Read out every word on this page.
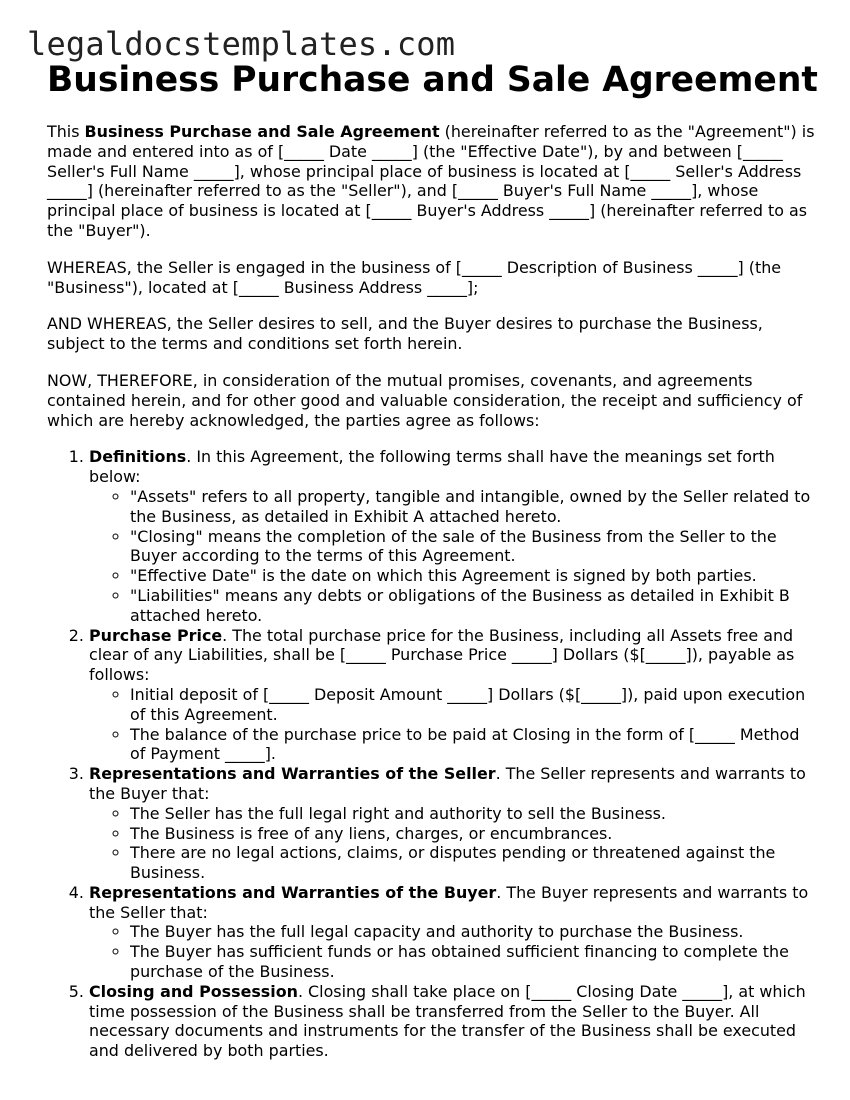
legaldocstemplates.com
Business Purchase and Sale Agreement

This Business Purchase and Sale Agreement (hereinafter referred to as the "Agreement") is made and entered into as of [_____ Date _____] (the "Effective Date"), by and between [_____ Seller's Full Name _____], whose principal place of business is located at [_____ Seller's Address _____] (hereinafter referred to as the "Seller"), and [_____ Buyer's Full Name _____], whose principal place of business is located at [_____ Buyer's Address _____] (hereinafter referred to as the "Buyer").

WHEREAS, the Seller is engaged in the business of [_____ Description of Business _____] (the "Business"), located at [_____ Business Address _____];

AND WHEREAS, the Seller desires to sell, and the Buyer desires to purchase the Business, subject to the terms and conditions set forth herein.

NOW, THEREFORE, in consideration of the mutual promises, covenants, and agreements contained herein, and for other good and valuable consideration, the receipt and sufficiency of which are hereby acknowledged, the parties agree as follows:

1. Definitions. In this Agreement, the following terms shall have the meanings set forth below:
◦ "Assets" refers to all property, tangible and intangible, owned by the Seller related to the Business, as detailed in Exhibit A attached hereto.
◦ "Closing" means the completion of the sale of the Business from the Seller to the Buyer according to the terms of this Agreement.
◦ "Effective Date" is the date on which this Agreement is signed by both parties.
◦ "Liabilities" means any debts or obligations of the Business as detailed in Exhibit B attached hereto.
2. Purchase Price. The total purchase price for the Business, including all Assets free and clear of any Liabilities, shall be [_____ Purchase Price _____] Dollars ($[_____]), payable as follows:
◦ Initial deposit of [_____ Deposit Amount _____] Dollars ($[_____]), paid upon execution of this Agreement.
◦ The balance of the purchase price to be paid at Closing in the form of [_____ Method of Payment _____].
3. Representations and Warranties of the Seller. The Seller represents and warrants to the Buyer that:
◦ The Seller has the full legal right and authority to sell the Business.
◦ The Business is free of any liens, charges, or encumbrances.
◦ There are no legal actions, claims, or disputes pending or threatened against the Business.
4. Representations and Warranties of the Buyer. The Buyer represents and warrants to the Seller that:
◦ The Buyer has the full legal capacity and authority to purchase the Business.
◦ The Buyer has sufficient funds or has obtained sufficient financing to complete the purchase of the Business.
5. Closing and Possession. Closing shall take place on [_____ Closing Date _____], at which time possession of the Business shall be transferred from the Seller to the Buyer. All necessary documents and instruments for the transfer of the Business shall be executed and delivered by both parties.
